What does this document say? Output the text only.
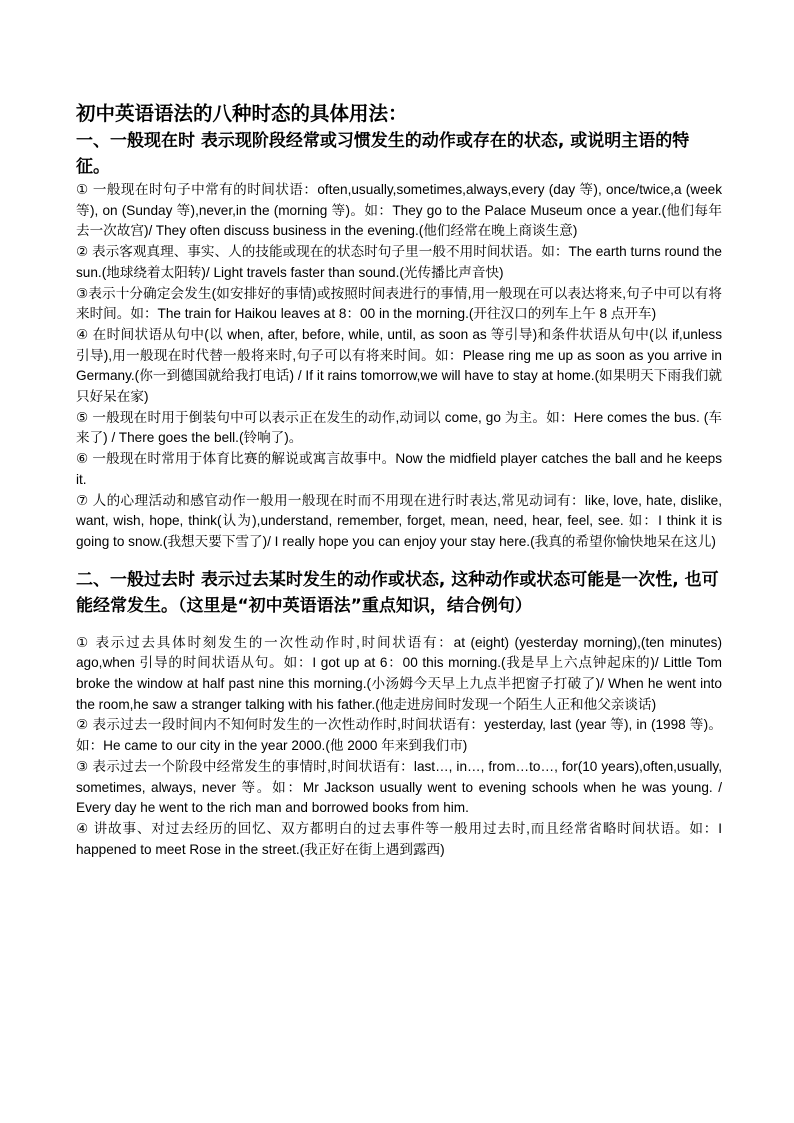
初中英语语法的八种时态的具体用法：
一、一般现在时 表示现阶段经常或习惯发生的动作或存在的状态, 或说明主语的特征。

① 一般现在时句子中常有的时间状语：often,usually,sometimes,always,every (day 等), once/twice,a (week 等), on (Sunday 等),never,in the (morning 等)。如：They go to the Palace Museum once a year.(他们每年去一次故宫)/ They often discuss business in the evening.(他们经常在晚上商谈生意)

② 表示客观真理、事实、人的技能或现在的状态时句子里一般不用时间状语。如：The earth turns round the sun.(地球绕着太阳转)/ Light travels faster than sound.(光传播比声音快)

③表示十分确定会发生(如安排好的事情)或按照时间表进行的事情,用一般现在可以表达将来,句子中可以有将来时间。如：The train for Haikou leaves at 8：00 in the morning.(开往汉口的列车上午 8 点开车)

④ 在时间状语从句中(以 when, after, before, while, until, as soon as 等引导)和条件状语从句中(以 if,unless 引导),用一般现在时代替一般将来时,句子可以有将来时间。如：Please ring me up as soon as you arrive in Germany.(你一到德国就给我打电话) / If it rains tomorrow,we will have to stay at home.(如果明天下雨我们就只好呆在家)

⑤ 一般现在时用于倒装句中可以表示正在发生的动作,动词以 come, go 为主。如：Here comes the bus. (车来了) / There goes the bell.(铃响了)。

⑥ 一般现在时常用于体育比赛的解说或寓言故事中。Now the midfield player catches the ball and he keeps it.

⑦ 人的心理活动和感官动作一般用一般现在时而不用现在进行时表达,常见动词有：like, love, hate, dislike, want, wish, hope, think(认为),understand, remember, forget, mean, need, hear, feel, see. 如：I think it is going to snow.(我想天要下雪了)/ I really hope you can enjoy your stay here.(我真的希望你愉快地呆在这儿)

二、一般过去时 表示过去某时发生的动作或状态, 这种动作或状态可能是一次性, 也可能经常发生。（这里是“初中英语语法”重点知识，结合例句）

① 表示过去具体时刻发生的一次性动作时,时间状语有：at (eight) (yesterday morning),(ten minutes) ago,when 引导的时间状语从句。如：I got up at 6：00 this morning.(我是早上六点钟起床的)/ Little Tom broke the window at half past nine this morning.(小汤姆今天早上九点半把窗子打破了)/ When he went into the room,he saw a stranger talking with his father.(他走进房间时发现一个陌生人正和他父亲谈话)

② 表示过去一段时间内不知何时发生的一次性动作时,时间状语有：yesterday, last (year 等), in (1998 等)。如：He came to our city in the year 2000.(他 2000 年来到我们市)

③ 表示过去一个阶段中经常发生的事情时,时间状语有：last…, in…, from…to…, for(10 years),often,usually, sometimes, always, never 等。如：Mr Jackson usually went to evening schools when he was young. / Every day he went to the rich man and borrowed books from him.

④ 讲故事、对过去经历的回忆、双方都明白的过去事件等一般用过去时,而且经常省略时间状语。如：I happened to meet Rose in the street.(我正好在街上遇到露西)
